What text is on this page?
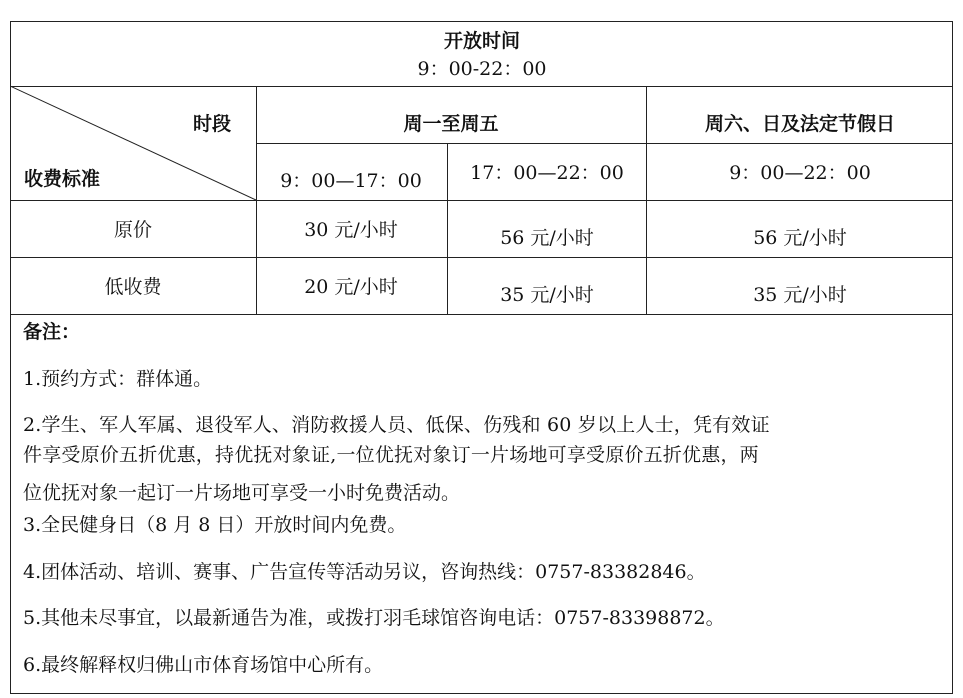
开放时间
9：00-22：00
时段
收费标准
周一至周五	周六、日及法定节假日
9：00—17：00	17：00—22：00	9：00—22：00
原价	30 元/小时	56 元/小时	56 元/小时
低收费	20 元/小时	35 元/小时	35 元/小时
备注：
1.预约方式：群体通。
2.学生、军人军属、退役军人、消防救援人员、低保、伤残和 60 岁以上人士，凭有效证
件享受原价五折优惠，持优抚对象证,一位优抚对象订一片场地可享受原价五折优惠，两
位优抚对象一起订一片场地可享受一小时免费活动。
3.全民健身日（8 月 8 日）开放时间内免费。
4.团体活动、培训、赛事、广告宣传等活动另议，咨询热线：0757-83382846。
5.其他未尽事宜，以最新通告为准，或拨打羽毛球馆咨询电话：0757-83398872。
6.最终解释权归佛山市体育场馆中心所有。
